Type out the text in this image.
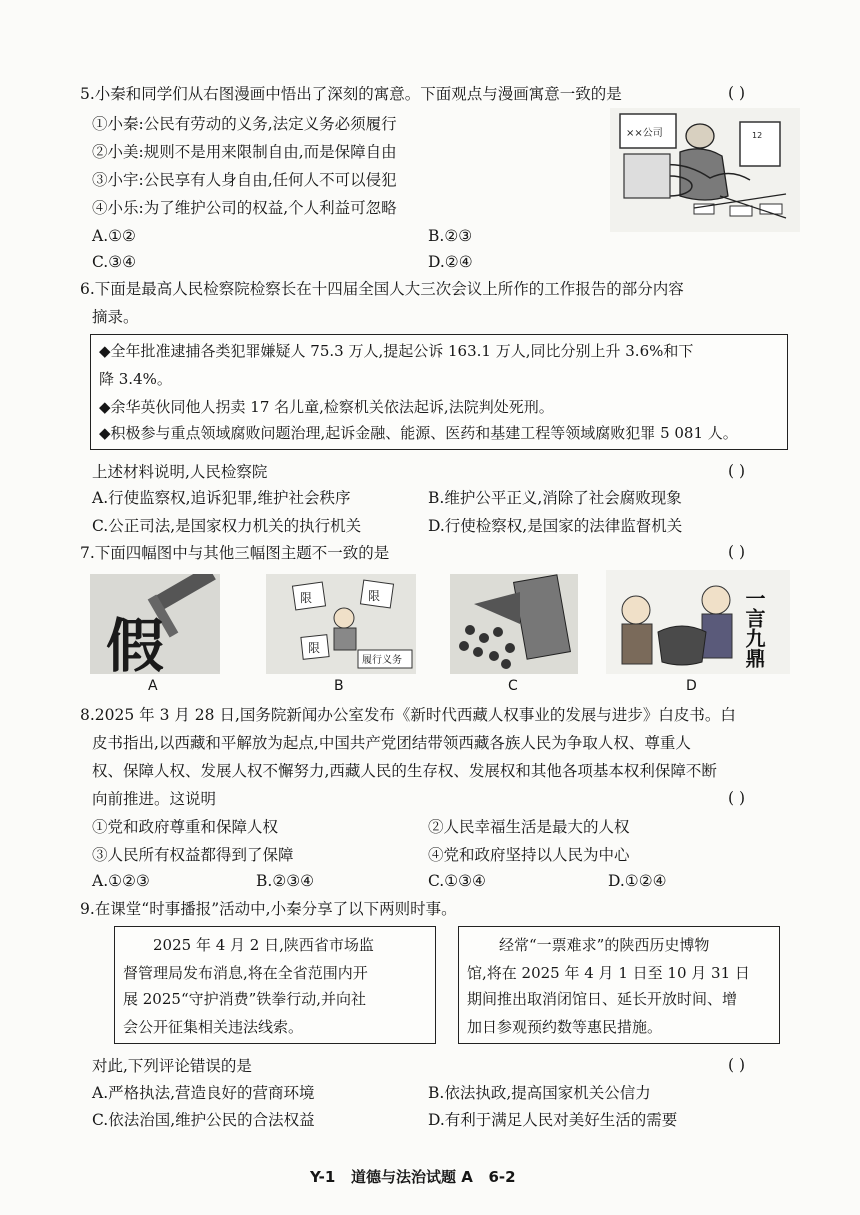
5.小秦和同学们从右图漫画中悟出了深刻的寓意。下面观点与漫画寓意一致的是	( )
①小秦:公民有劳动的义务,法定义务必须履行
②小美:规则不是用来限制自由,而是保障自由
③小宇:公民享有人身自由,任何人不可以侵犯
④小乐:为了维护公司的权益,个人利益可忽略
A.①②	B.②③
C.③④	D.②④
××公司	12
6.下面是最高人民检察院检察长在十四届全国人大三次会议上所作的工作报告的部分内容
摘录。
◆全年批准逮捕各类犯罪嫌疑人 75.3 万人,提起公诉 163.1 万人,同比分别上升 3.6%和下
降 3.4%。
◆余华英伙同他人拐卖 17 名儿童,检察机关依法起诉,法院判处死刑。
◆积极参与重点领域腐败问题治理,起诉金融、能源、医药和基建工程等领域腐败犯罪 5 081 人。
上述材料说明,人民检察院	( )
A.行使监察权,追诉犯罪,维护社会秩序	B.维护公平正义,消除了社会腐败现象
C.公正司法,是国家权力机关的执行机关	D.行使检察权,是国家的法律监督机关
7.下面四幅图中与其他三幅图主题不一致的是	( )
假
A
限	限
限
履行义务
B	C
一言九鼎
D
8.2025 年 3 月 28 日,国务院新闻办公室发布《新时代西藏人权事业的发展与进步》白皮书。白
皮书指出,以西藏和平解放为起点,中国共产党团结带领西藏各族人民为争取人权、尊重人
权、保障人权、发展人权不懈努力,西藏人民的生存权、发展权和其他各项基本权利保障不断
向前推进。这说明	( )
①党和政府尊重和保障人权	②人民幸福生活是最大的人权
③人民所有权益都得到了保障	④党和政府坚持以人民为中心
A.①②③	B.②③④	C.①③④	D.①②④
9.在课堂“时事播报”活动中,小秦分享了以下两则时事。
2025 年 4 月 2 日,陕西省市场监
督管理局发布消息,将在全省范围内开
展 2025“守护消费”铁拳行动,并向社
会公开征集相关违法线索。
经常“一票难求”的陕西历史博物
馆,将在 2025 年 4 月 1 日至 10 月 31 日
期间推出取消闭馆日、延长开放时间、增
加日参观预约数等惠民措施。
对此,下列评论错误的是	( )
A.严格执法,营造良好的营商环境	B.依法执政,提高国家机关公信力
C.依法治国,维护公民的合法权益	D.有利于满足人民对美好生活的需要
Y-1   道德与法治试题 A   6-2
